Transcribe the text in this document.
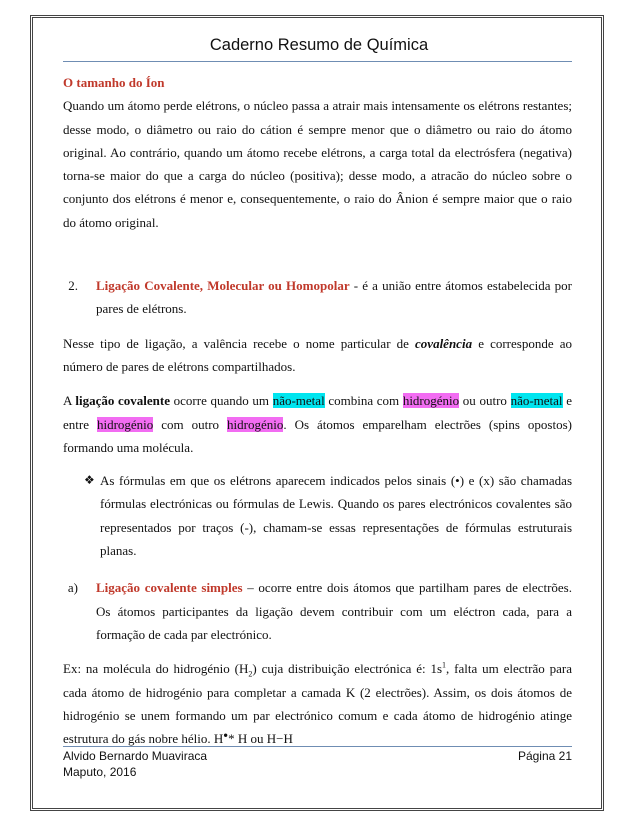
Caderno Resumo de Química

O tamanho do Íon

Quando um átomo perde elétrons, o núcleo passa a atrair mais intensamente os elétrons restantes; desse modo, o diâmetro ou raio do cátion é sempre menor que o diâmetro ou raio do átomo original. Ao contrário, quando um átomo recebe elétrons, a carga total da electrósfera (negativa) torna-se maior do que a carga do núcleo (positiva); desse modo, a atracão do núcleo sobre o conjunto dos elétrons é menor e, consequentemente, o raio do Ânion é sempre maior que o raio do átomo original.

2. Ligação Covalente, Molecular ou Homopolar - é a união entre átomos estabelecida por pares de elétrons.

Nesse tipo de ligação, a valência recebe o nome particular de covalência e corresponde ao número de pares de elétrons compartilhados.

A ligação covalente ocorre quando um não-metal combina com hidrogénio ou outro não-metal e entre hidrogénio com outro hidrogénio. Os átomos emparelham electrões (spins opostos) formando uma molécula.

❖ As fórmulas em que os elétrons aparecem indicados pelos sinais (•) e (x) são chamadas fórmulas electrónicas ou fórmulas de Lewis. Quando os pares electrónicos covalentes são representados por traços (-), chamam-se essas representações de fórmulas estruturais planas.

a) Ligação covalente simples – ocorre entre dois átomos que partilham pares de electrões. Os átomos participantes da ligação devem contribuir com um eléctron cada, para a formação de cada par electrónico.

Ex: na molécula do hidrogénio $(H_2)$ cuja distribuição electrónica é: $1s^1$, falta um electrão para cada átomo de hidrogénio para completar a camada K (2 electrões). Assim, os dois átomos de hidrogénio se unem formando um par electrónico comum e cada átomo de hidrogénio atinge estrutura do gás nobre hélio. H●* H ou H−H

Alvido Bernardo Muaviraca
Maputo, 2016
Página 21
